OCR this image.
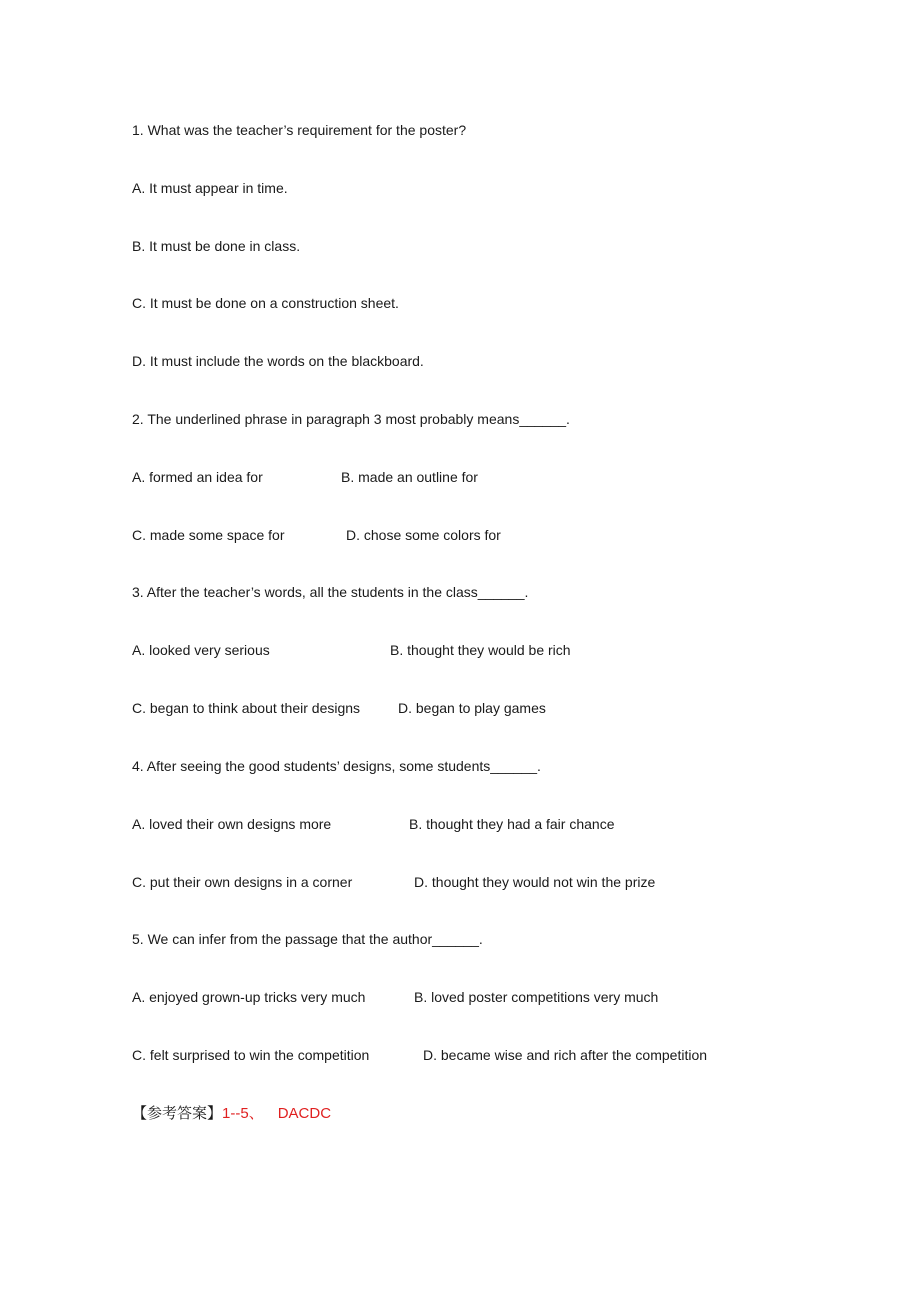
1. What was the teacher’s requirement for the poster?
A. It must appear in time.
B. It must be done in class.
C. It must be done on a construction sheet.
D. It must include the words on the blackboard.
2. The underlined phrase in paragraph 3 most probably means______.
A. formed an idea for	B. made an outline for
C. made some space for	D. chose some colors for
3. After the teacher’s words, all the students in the class______.
A. looked very serious	B. thought they would be rich
C. began to think about their designs	D. began to play games
4. After seeing the good students’ designs, some students______.
A. loved their own designs more	B. thought they had a fair chance
C. put their own designs in a corner	D. thought they would not win the prize
5. We can infer from the passage that the author______.
A. enjoyed grown-up tricks very much	B. loved poster competitions very much
C. felt surprised to win the competition	D. became wise and rich after the competition
【参考答案】1--5、 DACDC
